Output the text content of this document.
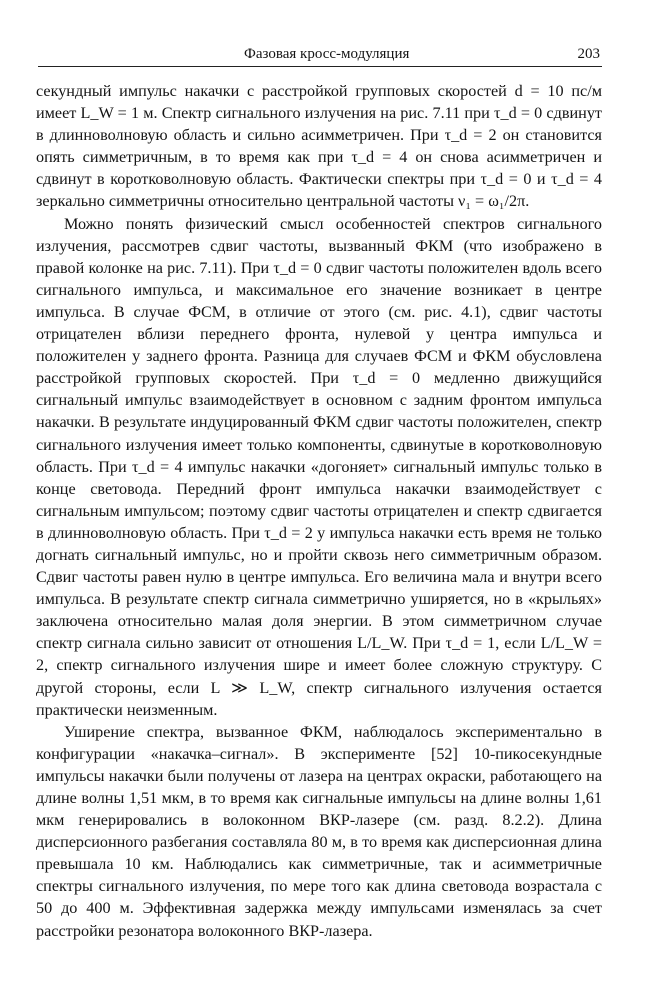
Фазовая кросс-модуляция	203

секундный импульс накачки с расстройкой групповых скоростей d = 10 пс/м имеет L_W = 1 м. Спектр сигнального излучения на рис. 7.11 при τ_d = 0 сдвинут в длинноволновую область и сильно асимметричен. При τ_d = 2 он становится опять симметричным, в то время как при τ_d = 4 он снова асимметричен и сдвинут в коротковолновую область. Фактически спектры при τ_d = 0 и τ_d = 4 зеркально симметричны относительно центральной частоты ν₁ = ω₁/2π.

Можно понять физический смысл особенностей спектров сигнального излучения, рассмотрев сдвиг частоты, вызванный ФКМ (что изображено в правой колонке на рис. 7.11). При τ_d = 0 сдвиг частоты положителен вдоль всего сигнального импульса, и максимальное его значение возникает в центре импульса. В случае ФСМ, в отличие от этого (см. рис. 4.1), сдвиг частоты отрицателен вблизи переднего фронта, нулевой у центра импульса и положителен у заднего фронта. Разница для случаев ФСМ и ФКМ обусловлена расстройкой групповых скоростей. При τ_d = 0 медленно движущийся сигнальный импульс взаимодействует в основном с задним фронтом импульса накачки. В результате индуцированный ФКМ сдвиг частоты положителен, спектр сигнального излучения имеет только компоненты, сдвинутые в коротковолновую область. При τ_d = 4 импульс накачки «догоняет» сигнальный импульс только в конце световода. Передний фронт импульса накачки взаимодействует с сигнальным импульсом; поэтому сдвиг частоты отрицателен и спектр сдвигается в длинноволновую область. При τ_d = 2 у импульса накачки есть время не только догнать сигнальный импульс, но и пройти сквозь него симметричным образом. Сдвиг частоты равен нулю в центре импульса. Его величина мала и внутри всего импульса. В результате спектр сигнала симметрично уширяется, но в «крыльях» заключена относительно малая доля энергии. В этом симметричном случае спектр сигнала сильно зависит от отношения L/L_W. При τ_d = 1, если L/L_W = 2, спектр сигнального излучения шире и имеет более сложную структуру. С другой стороны, если L ≫ L_W, спектр сигнального излучения остается практически неизменным.

Уширение спектра, вызванное ФКМ, наблюдалось экспериментально в конфигурации «накачка–сигнал». В эксперименте [52] 10-пикосекундные импульсы накачки были получены от лазера на центрах окраски, работающего на длине волны 1,51 мкм, в то время как сигнальные импульсы на длине волны 1,61 мкм генерировались в волоконном ВКР-лазере (см. разд. 8.2.2). Длина дисперсионного разбегания составляла 80 м, в то время как дисперсионная длина превышала 10 км. Наблюдались как симметричные, так и асимметричные спектры сигнального излучения, по мере того как длина световода возрастала с 50 до 400 м. Эффективная задержка между импульсами изменялась за счет расстройки резонатора волоконного ВКР-лазера.
